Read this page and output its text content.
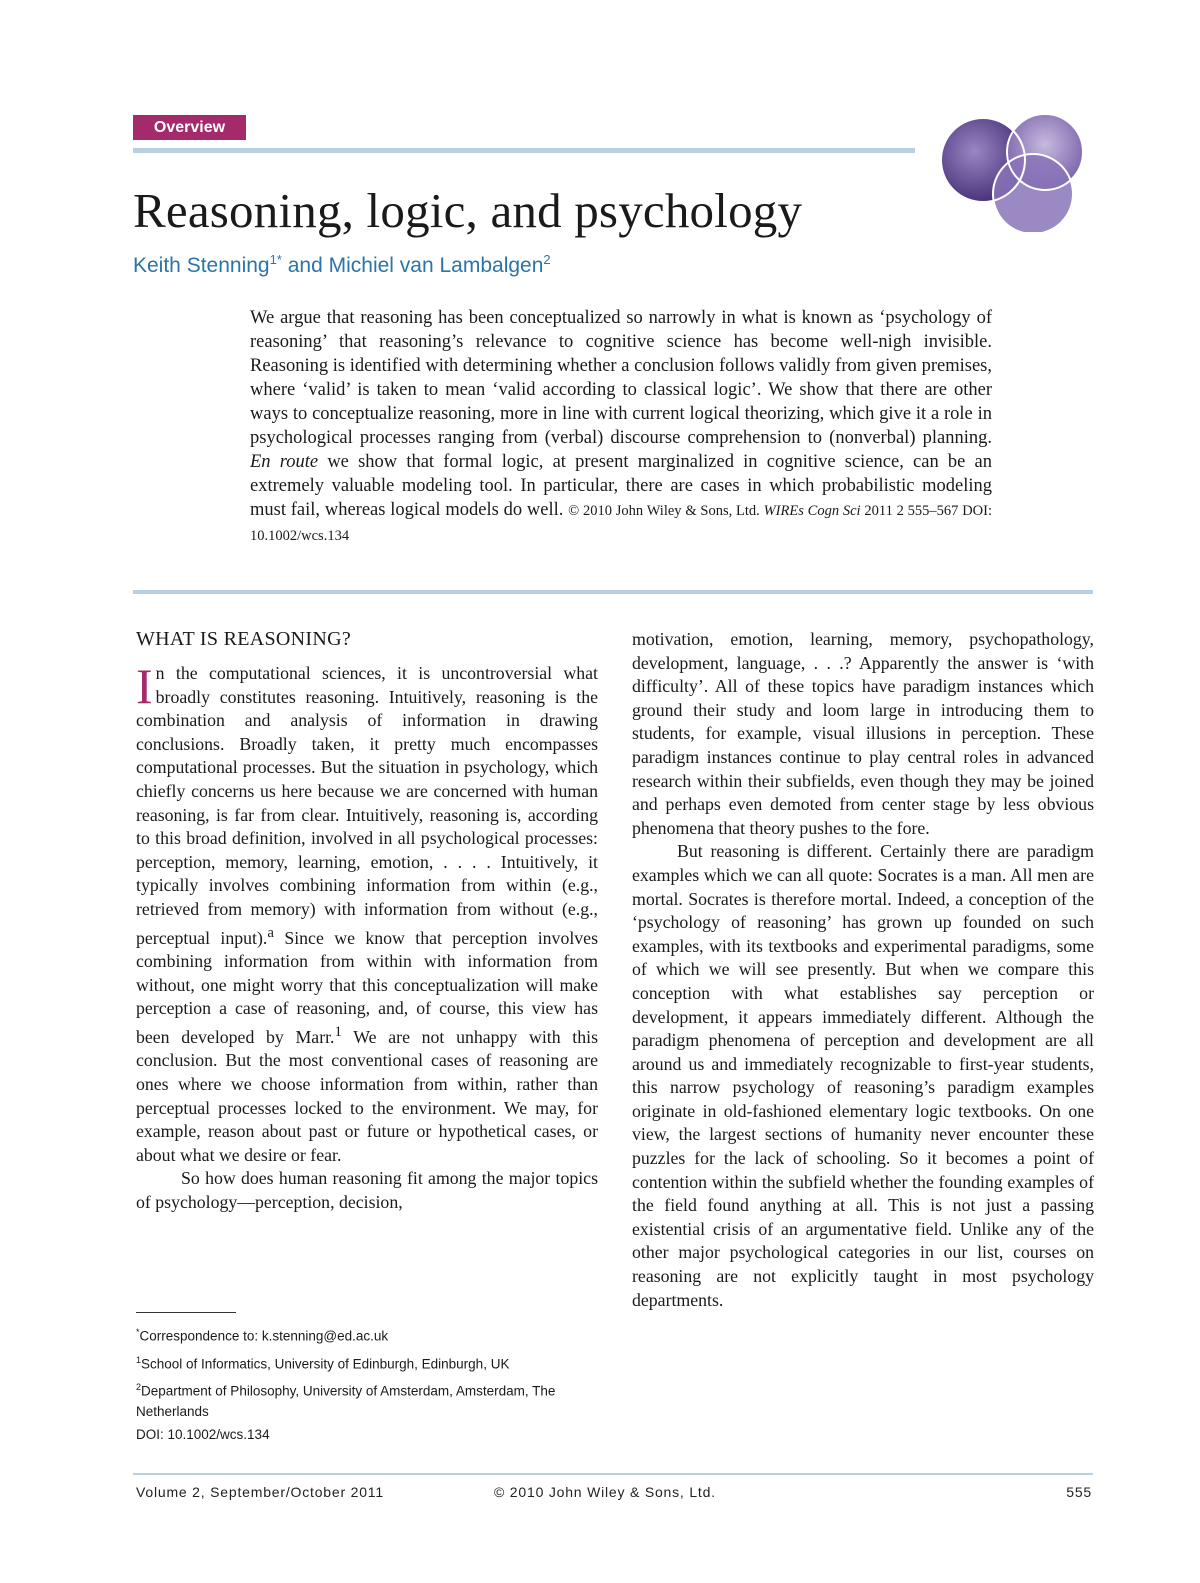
Overview
Reasoning, logic, and psychology
Keith Stenning$^{1*}$ and Michiel van Lambalgen$^2$
We argue that reasoning has been conceptualized so narrowly in what is known as ‘psychology of reasoning’ that reasoning’s relevance to cognitive science has become well-nigh invisible. Reasoning is identified with determining whether a conclusion follows validly from given premises, where ‘valid’ is taken to mean ‘valid according to classical logic’. We show that there are other ways to conceptualize reasoning, more in line with current logical theorizing, which give it a role in psychological processes ranging from (verbal) discourse comprehension to (nonverbal) planning. En route we show that formal logic, at present marginalized in cognitive science, can be an extremely valuable modeling tool. In particular, there are cases in which probabilistic modeling must fail, whereas logical models do well. © 2010 John Wiley & Sons, Ltd. WIREs Cogn Sci 2011 2 555–567 DOI: 10.1002/wcs.134
WHAT IS REASONING?

In the computational sciences, it is uncontroversial what broadly constitutes reasoning. Intuitively, reasoning is the combination and analysis of information in drawing conclusions. Broadly taken, it pretty much encompasses computational processes. But the situation in psychology, which chiefly concerns us here because we are concerned with human reasoning, is far from clear. Intuitively, reasoning is, according to this broad definition, involved in all psychological processes: perception, memory, learning, emotion, . . . . Intuitively, it typically involves combining information from within (e.g., retrieved from memory) with information from without (e.g., perceptual input).$^a$ Since we know that perception involves combining information from within with information from without, one might worry that this conceptualization will make perception a case of reasoning, and, of course, this view has been developed by Marr.$^1$ We are not unhappy with this conclusion. But the most conventional cases of reasoning are ones where we choose information from within, rather than perceptual processes locked to the environment. We may, for example, reason about past or future or hypothetical cases, or about what we desire or fear.

So how does human reasoning fit among the major topics of psychology—perception, decision,

*Correspondence to: k.stenning@ed.ac.uk

$^1$School of Informatics, University of Edinburgh, Edinburgh, UK

$^2$Department of Philosophy, University of Amsterdam, Amsterdam, The Netherlands

DOI: 10.1002/wcs.134

motivation, emotion, learning, memory, psychopathology, development, language, . . .? Apparently the answer is ‘with difficulty’. All of these topics have paradigm instances which ground their study and loom large in introducing them to students, for example, visual illusions in perception. These paradigm instances continue to play central roles in advanced research within their subfields, even though they may be joined and perhaps even demoted from center stage by less obvious phenomena that theory pushes to the fore.

But reasoning is different. Certainly there are paradigm examples which we can all quote: Socrates is a man. All men are mortal. Socrates is therefore mortal. Indeed, a conception of the ‘psychology of reasoning’ has grown up founded on such examples, with its textbooks and experimental paradigms, some of which we will see presently. But when we compare this conception with what establishes say perception or development, it appears immediately different. Although the paradigm phenomena of perception and development are all around us and immediately recognizable to first-year students, this narrow psychology of reasoning’s paradigm examples originate in old-fashioned elementary logic textbooks. On one view, the largest sections of humanity never encounter these puzzles for the lack of schooling. So it becomes a point of contention within the subfield whether the founding examples of the field found anything at all. This is not just a passing existential crisis of an argumentative field. Unlike any of the other major psychological categories in our list, courses on reasoning are not explicitly taught in most psychology departments.

Volume 2, September/October 2011	© 2010 John Wiley & Sons, Ltd.	555
